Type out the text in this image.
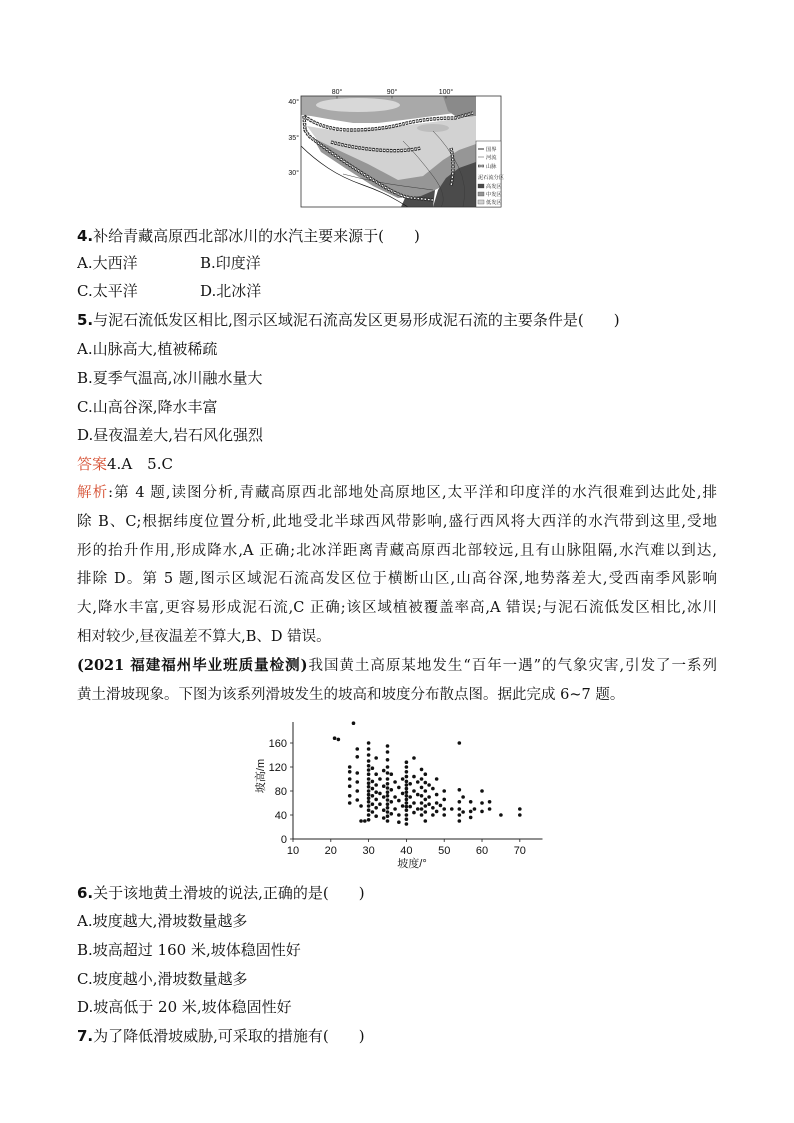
80°	90°	100°
40°
35°
30°
国界
河流
山脉
泥石流分区
高发区
中发区
低发区
4.补给青藏高原西北部冰川的水汽主要来源于(　　)
A.大西洋	B.印度洋
C.太平洋	D.北冰洋
5.与泥石流低发区相比,图示区域泥石流高发区更易形成泥石流的主要条件是(　　)
A.山脉高大,植被稀疏
B.夏季气温高,冰川融水量大
C.山高谷深,降水丰富
D.昼夜温差大,岩石风化强烈
答案4.A　5.C
解析:第 4 题,读图分析,青藏高原西北部地处高原地区,太平洋和印度洋的水汽很难到达此处,排
除 B、C;根据纬度位置分析,此地受北半球西风带影响,盛行西风将大西洋的水汽带到这里,受地
形的抬升作用,形成降水,A 正确;北冰洋距离青藏高原西北部较远,且有山脉阻隔,水汽难以到达,
排除 D。第 5 题,图示区域泥石流高发区位于横断山区,山高谷深,地势落差大,受西南季风影响
大,降水丰富,更容易形成泥石流,C 正确;该区域植被覆盖率高,A 错误;与泥石流低发区相比,冰川
相对较少,昼夜温差不算大,B、D 错误。
(2021 福建福州毕业班质量检测)我国黄土高原某地发生“百年一遇”的气象灾害,引发了一系列
黄土滑坡现象。下图为该系列滑坡发生的坡高和坡度分布散点图。据此完成 6~7 题。
10 20 30 40 50 60 70
0
40
80
120
160
坡高/m
坡度/°
6.关于该地黄土滑坡的说法,正确的是(　　)
A.坡度越大,滑坡数量越多
B.坡高超过 160 米,坡体稳固性好
C.坡度越小,滑坡数量越多
D.坡高低于 20 米,坡体稳固性好
7.为了降低滑坡威胁,可采取的措施有(　　)
